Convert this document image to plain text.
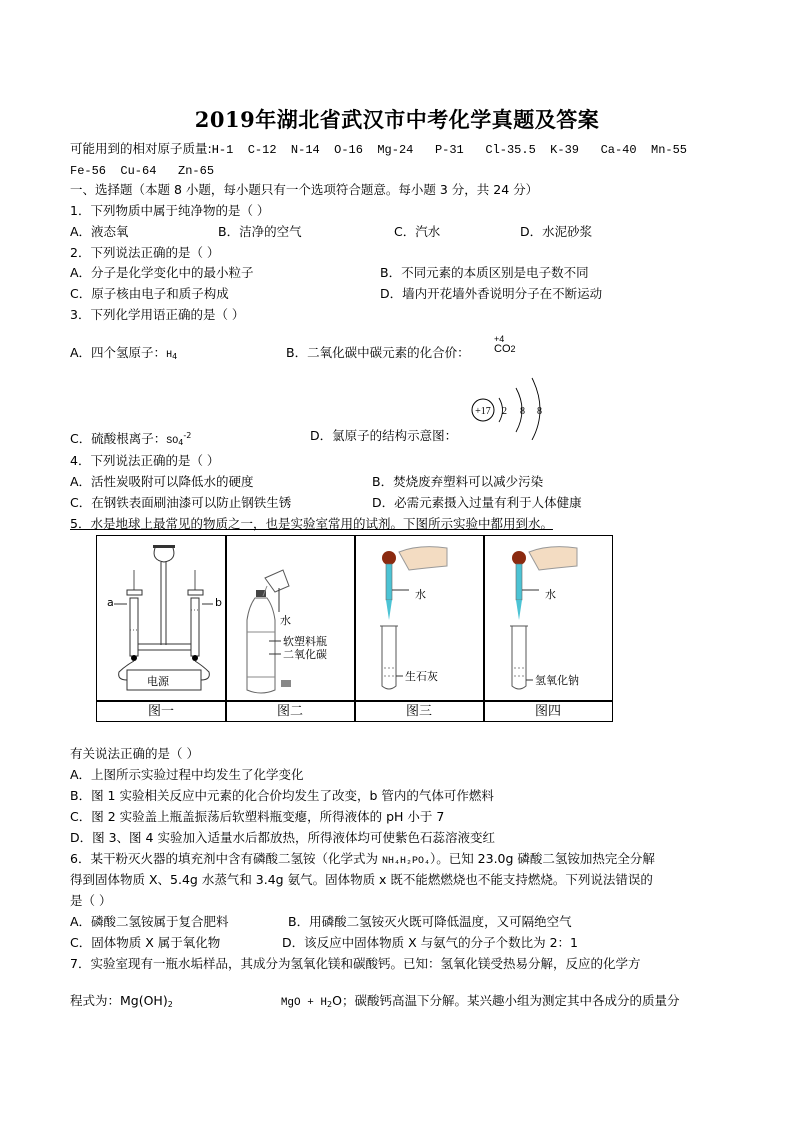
2019年湖北省武汉市中考化学真题及答案
可能用到的相对原子质量:H-1  C-12  N-14  O-16  Mg-24   P-31   Cl-35.5  K-39   Ca-40  Mn-55
Fe-56  Cu-64   Zn-65
一、选择题（本题 8 小题，每小题只有一个选项符合题意。每小题 3 分，共 24 分）
1．下列物质中属于纯净物的是（ ）
A．液态氧	B．洁净的空气	C．汽水	D．水泥砂浆
2．下列说法正确的是（ ）
A．分子是化学变化中的最小粒子	B．不同元素的本质区别是电子数不同
C．原子核由电子和质子构成	D．墙内开花墙外香说明分子在不断运动
3．下列化学用语正确的是（ ）
A．四个氢原子：$H_4$	B．二氧化碳中碳元素的化合价：
+4
CO2
C．硫酸根离子：$SO_4^{-2}$	D．氯原子的结构示意图：
+17 2 8 8
4．下列说法正确的是（ ）
A．活性炭吸附可以降低水的硬度	B．焚烧废弃塑料可以减少污染
C．在钢铁表面刷油漆可以防止钢铁生锈	D．必需元素摄入过量有利于人体健康
5．水是地球上最常见的物质之一，也是实验室常用的试剂。下图所示实验中都用到水。
a	b
电源
水
软塑料瓶
二氧化碳
水
生石灰
水
氢氧化钠
图一	图二	图三	图四
有关说法正确的是（ ）
A．上图所示实验过程中均发生了化学变化
B．图 1 实验相关反应中元素的化合价均发生了改变，b 管内的气体可作燃料
C．图 2 实验盖上瓶盖振荡后软塑料瓶变瘪，所得液体的 pH 小于 7
D．图 3、图 4 实验加入适量水后都放热，所得液体均可使紫色石蕊溶液变红
6．某干粉灭火器的填充剂中含有磷酸二氢铵（化学式为 NH₄H₂PO₄）。已知 23.0g 磷酸二氢铵加热完全分解
得到固体物质 X、5.4g 水蒸气和 3.4g 氨气。固体物质 x 既不能燃燃烧也不能支持燃烧。下列说法错误的
是（ ）
A．磷酸二氢铵属于复合肥料	B．用磷酸二氢铵灭火既可降低温度，又可隔绝空气
C．固体物质 X 属于氧化物	D．该反应中固体物质 X 与氨气的分子个数比为 2：1
7．实验室现有一瓶水垢样品，其成分为氢氧化镁和碳酸钙。已知：氢氧化镁受热易分解，反应的化学方
程式为：$Mg(OH)_2$	MgO + $H_2O$；碳酸钙高温下分解。某兴趣小组为测定其中各成分的质量分
